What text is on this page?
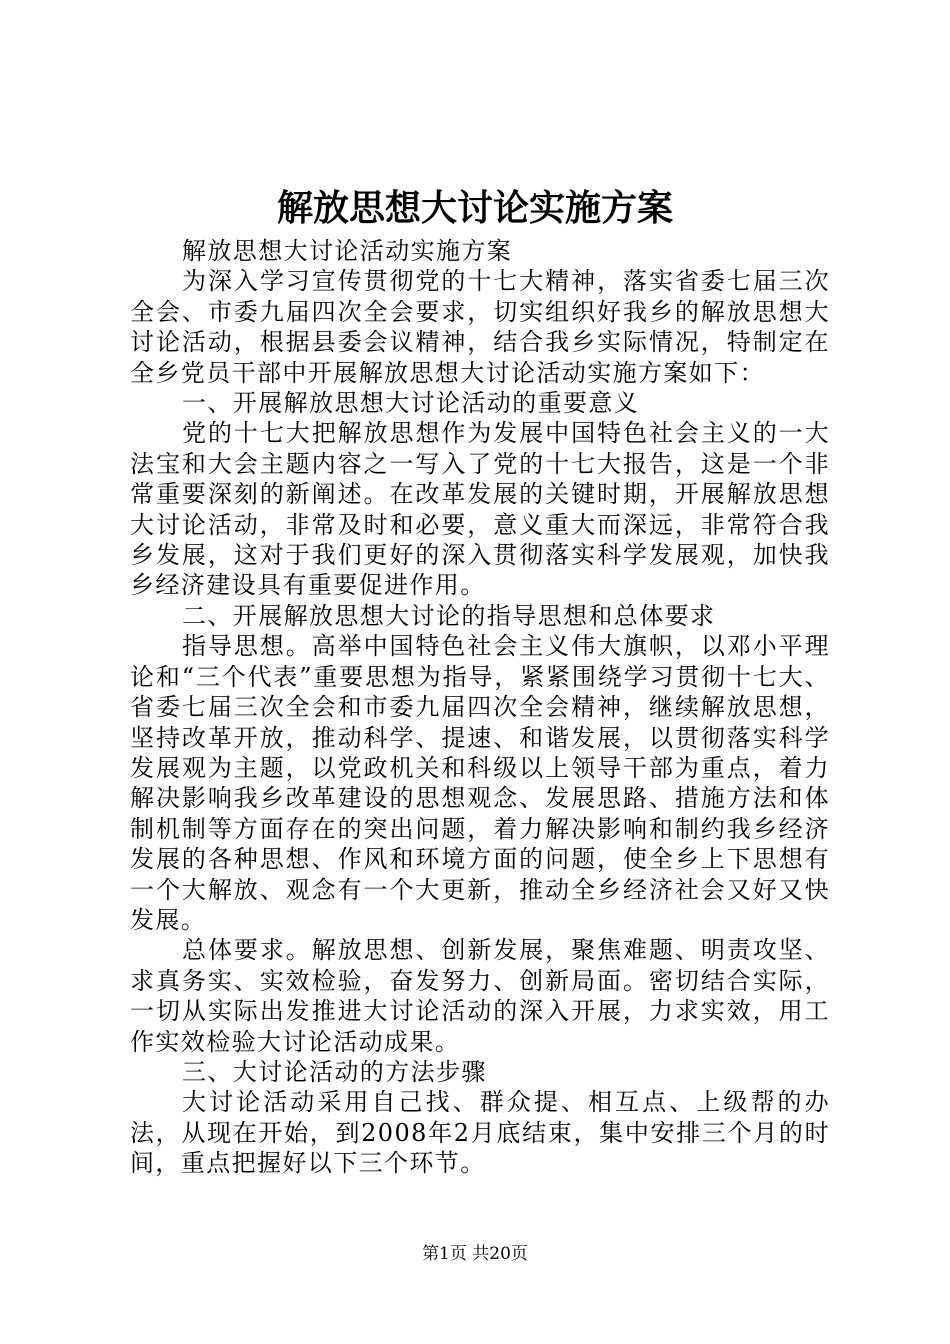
解放思想大讨论实施方案

解放思想大讨论活动实施方案

为深入学习宣传贯彻党的十七大精神，落实省委七届三次全会、市委九届四次全会要求，切实组织好我乡的解放思想大讨论活动，根据县委会议精神，结合我乡实际情况，特制定在全乡党员干部中开展解放思想大讨论活动实施方案如下：

一、开展解放思想大讨论活动的重要意义

党的十七大把解放思想作为发展中国特色社会主义的一大法宝和大会主题内容之一写入了党的十七大报告，这是一个非常重要深刻的新阐述。在改革发展的关键时期，开展解放思想大讨论活动，非常及时和必要，意义重大而深远，非常符合我乡发展，这对于我们更好的深入贯彻落实科学发展观，加快我乡经济建设具有重要促进作用。

二、开展解放思想大讨论的指导思想和总体要求

指导思想。高举中国特色社会主义伟大旗帜，以邓小平理论和“三个代表”重要思想为指导，紧紧围绕学习贯彻十七大、省委七届三次全会和市委九届四次全会精神，继续解放思想，坚持改革开放，推动科学、提速、和谐发展，以贯彻落实科学发展观为主题，以党政机关和科级以上领导干部为重点，着力解决影响我乡改革建设的思想观念、发展思路、措施方法和体制机制等方面存在的突出问题，着力解决影响和制约我乡经济发展的各种思想、作风和环境方面的问题，使全乡上下思想有一个大解放、观念有一个大更新，推动全乡经济社会又好又快发展。

总体要求。解放思想、创新发展，聚焦难题、明责攻坚、求真务实、实效检验，奋发努力、创新局面。密切结合实际，一切从实际出发推进大讨论活动的深入开展，力求实效，用工作实效检验大讨论活动成果。

三、大讨论活动的方法步骤

大讨论活动采用自己找、群众提、相互点、上级帮的办法，从现在开始，到2008年2月底结束，集中安排三个月的时间，重点把握好以下三个环节。

第1页 共20页
